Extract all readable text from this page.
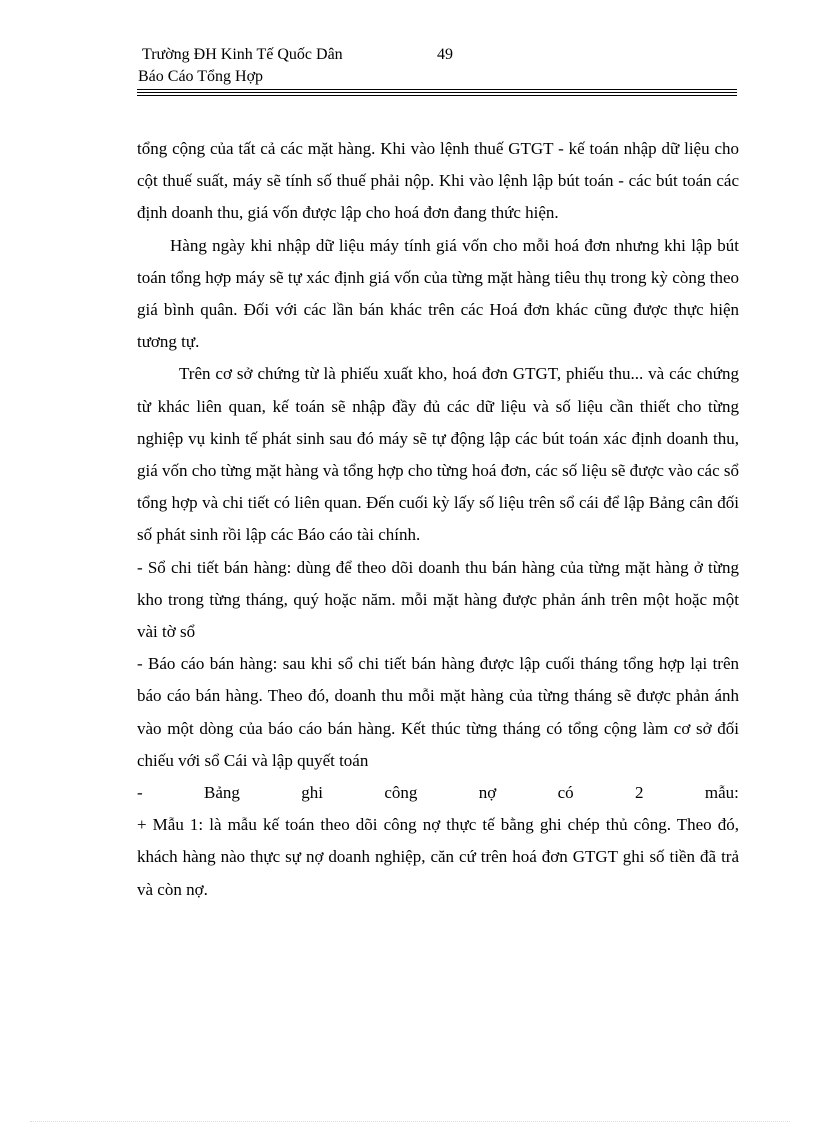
Trường ĐH Kinh Tế Quốc Dân	49
Báo Cáo Tổng Hợp

tổng cộng của tất cả các mặt hàng. Khi vào lệnh thuế GTGT - kế toán nhập dữ liệu cho cột thuế suất, máy sẽ tính số thuế phải nộp. Khi vào lệnh lập bút toán - các bút toán các định doanh thu, giá vốn được lập cho hoá đơn đang thức hiện.

Hàng ngày khi nhập dữ liệu máy tính giá vốn cho mỗi hoá đơn nhưng khi lập bút toán tổng hợp máy sẽ tự xác định giá vốn của từng mặt hàng tiêu thụ trong kỳ còng theo giá bình quân. Đối với các lần bán khác trên các Hoá đơn khác cũng được thực hiện tương tự.

Trên cơ sở chứng từ là phiếu xuất kho, hoá đơn GTGT, phiếu thu... và các chứng từ khác liên quan, kế toán sẽ nhập đầy đủ các dữ liệu và số liệu cần thiết cho từng nghiệp vụ kinh tế phát sinh sau đó máy sẽ tự động lập các bút toán xác định doanh thu, giá vốn cho từng mặt hàng và tổng hợp cho từng hoá đơn, các số liệu sẽ được vào các sổ tổng hợp và chi tiết có liên quan. Đến cuối kỳ lấy số liệu trên sổ cái để lập Bảng cân đối số phát sinh rồi lập các Báo cáo tài chính.

- Sổ chi tiết bán hàng: dùng để theo dõi doanh thu bán hàng của từng mặt hàng ở từng kho trong từng tháng, quý hoặc năm. mỗi mặt hàng được phản ánh trên một hoặc một vài tờ sổ

- Báo cáo bán hàng: sau khi sổ chi tiết bán hàng được lập cuối tháng tổng hợp lại trên báo cáo bán hàng. Theo đó, doanh thu mỗi mặt hàng của từng tháng sẽ được phản ánh vào một dòng của báo cáo bán hàng. Kết thúc từng tháng có tổng cộng làm cơ sở đối chiếu với sổ Cái và lập quyết toán

-	Bảng	ghi	công	nợ	có	2	mẫu:

+ Mẫu 1: là mẫu kế toán theo dõi công nợ thực tế bằng ghi chép thủ công. Theo đó, khách hàng nào thực sự nợ doanh nghiệp, căn cứ trên hoá đơn GTGT ghi số tiền đã trả và còn nợ.
